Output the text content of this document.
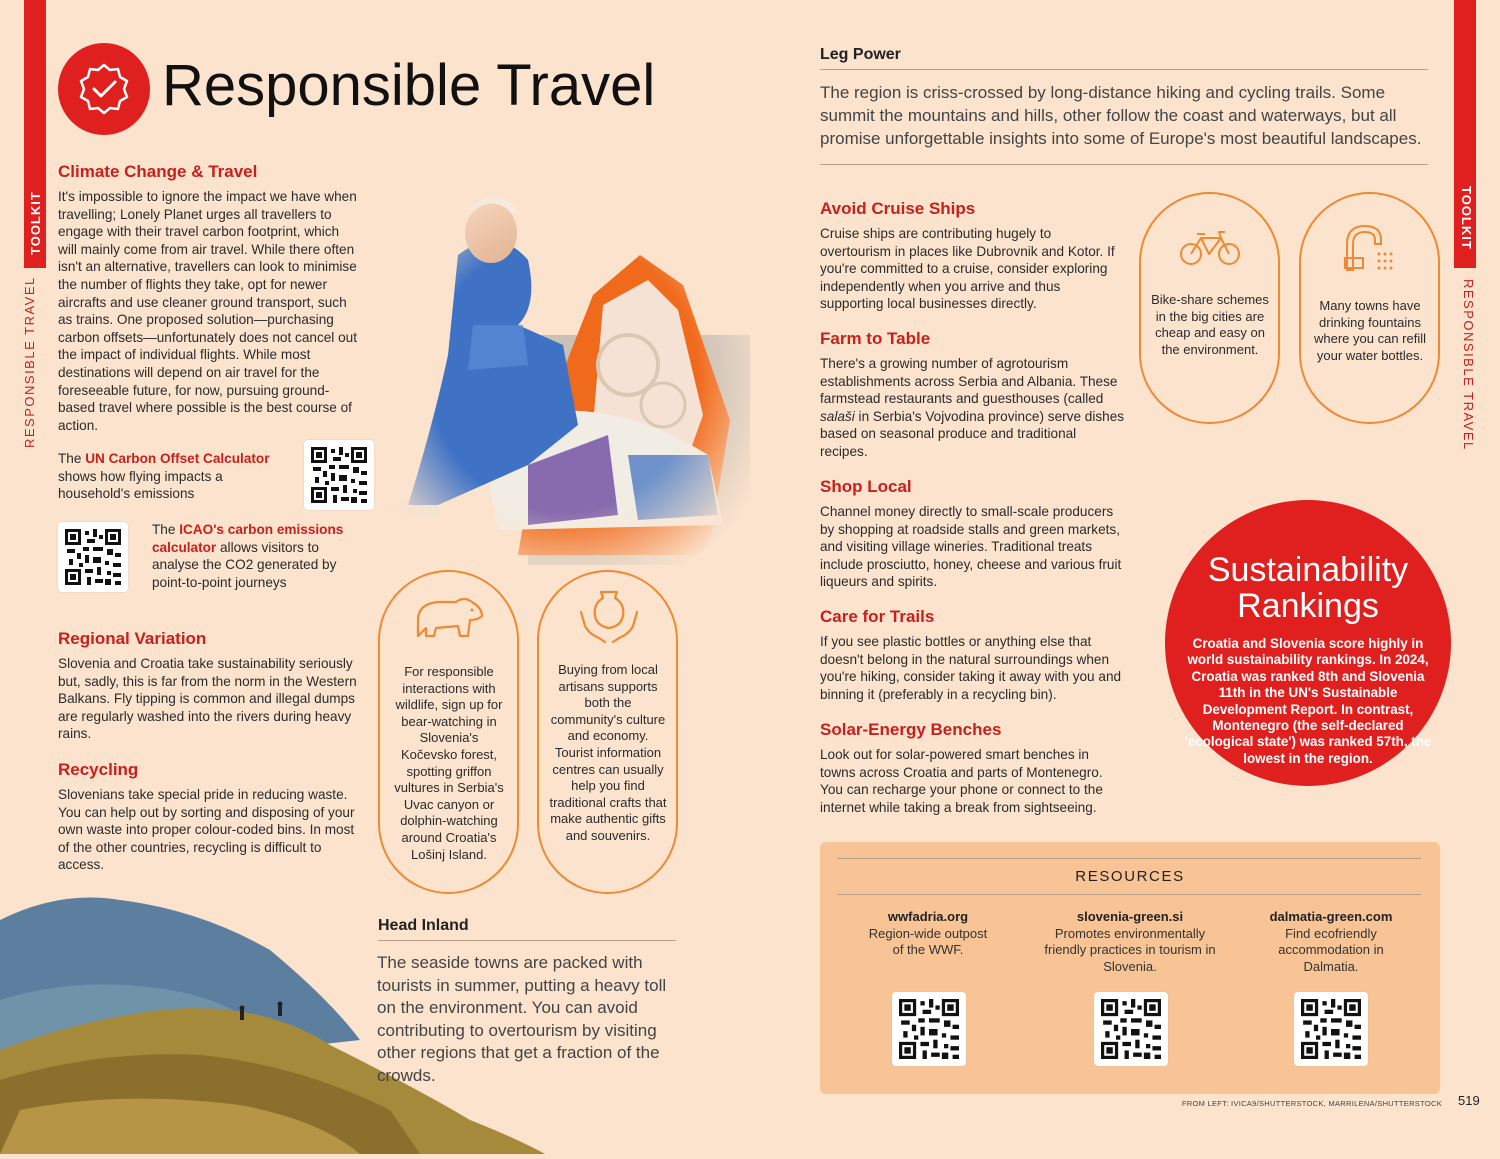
TOOLKIT
RESPONSIBLE TRAVEL
TOOLKIT
RESPONSIBLE TRAVEL
Responsible Travel
Climate Change & Travel
It's impossible to ignore the impact we have when travelling; Lonely Planet urges all travellers to engage with their travel carbon footprint, which will mainly come from air travel. While there often isn't an alternative, travellers can look to minimise the number of flights they take, opt for newer aircrafts and use cleaner ground transport, such as trains. One proposed solution—purchasing carbon offsets—unfortunately does not cancel out the impact of individual flights. While most destinations will depend on air travel for the foreseeable future, for now, pursuing ground-based travel where possible is the best course of action.
The UN Carbon Offset Calculator shows how flying impacts a household's emissions
The ICAO's carbon emissions calculator allows visitors to analyse the CO2 generated by point-to-point journeys
Regional Variation
Slovenia and Croatia take sustainability seriously but, sadly, this is far from the norm in the Western Balkans. Fly tipping is common and illegal dumps are regularly washed into the rivers during heavy rains.
Recycling
Slovenians take special pride in reducing waste. You can help out by sorting and disposing of your own waste into proper colour-coded bins. In most of the other countries, recycling is difficult to access.
For responsible interactions with wildlife, sign up for bear-watching in Slovenia's Kočevsko forest, spotting griffon vultures in Serbia's Uvac canyon or dolphin-watching around Croatia's Lošinj Island.
Buying from local artisans supports both the community's culture and economy. Tourist information centres can usually help you find traditional crafts that make authentic gifts and souvenirs.
Head Inland
The seaside towns are packed with tourists in summer, putting a heavy toll on the environment. You can avoid contributing to overtourism by visiting other regions that get a fraction of the crowds.
Leg Power
The region is criss-crossed by long-distance hiking and cycling trails. Some summit the mountains and hills, other follow the coast and waterways, but all promise unforgettable insights into some of Europe's most beautiful landscapes.
Avoid Cruise Ships
Cruise ships are contributing hugely to overtourism in places like Dubrovnik and Kotor. If you're committed to a cruise, consider exploring independently when you arrive and thus supporting local businesses directly.
Farm to Table
There's a growing number of agrotourism establishments across Serbia and Albania. These farmstead restaurants and guesthouses (called salaši in Serbia's Vojvodina province) serve dishes based on seasonal produce and traditional recipes.
Shop Local
Channel money directly to small-scale producers by shopping at roadside stalls and green markets, and visiting village wineries. Traditional treats include prosciutto, honey, cheese and various fruit liqueurs and spirits.
Care for Trails
If you see plastic bottles or anything else that doesn't belong in the natural surroundings when you're hiking, consider taking it away with you and binning it (preferably in a recycling bin).
Solar-Energy Benches
Look out for solar-powered smart benches in towns across Croatia and parts of Montenegro. You can recharge your phone or connect to the internet while taking a break from sightseeing.
Bike-share schemes in the big cities are cheap and easy on the environment.
Many towns have drinking fountains where you can refill your water bottles.
Sustainability
Rankings
Croatia and Slovenia score highly in world sustainability rankings. In 2024, Croatia was ranked 8th and Slovenia 11th in the UN's Sustainable Development Report. In contrast, Montenegro (the self-declared 'ecological state') was ranked 57th, the lowest in the region.
RESOURCES
wwfadria.org
Region-wide outpost of the WWF.
slovenia-green.si
Promotes environmentally friendly practices in tourism in Slovenia.
dalmatia-green.com
Find ecofriendly accommodation in Dalmatia.
FROM LEFT: IVICA9/SHUTTERSTOCK, MARRILENA/SHUTTERSTOCK 519
